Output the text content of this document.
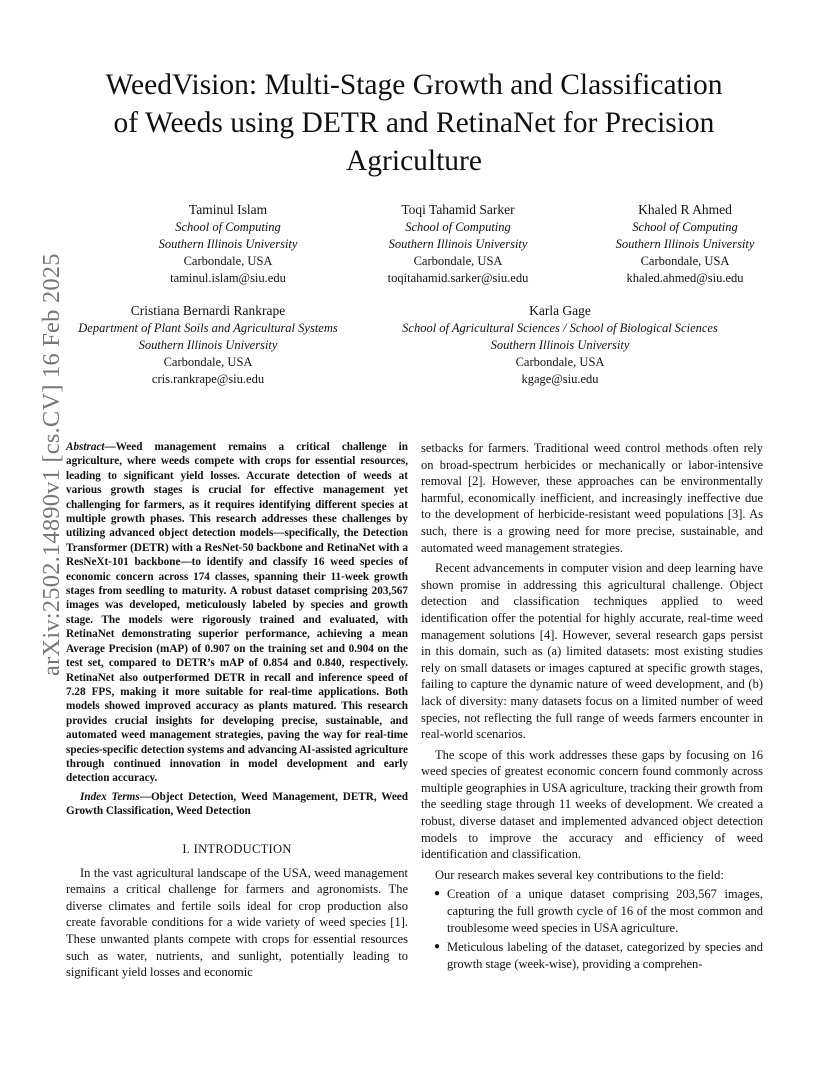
WeedVision: Multi-Stage Growth and Classification
of Weeds using DETR and RetinaNet for Precision
Agriculture
Taminul Islam
School of Computing
Southern Illinois University
Carbondale, USA
taminul.islam@siu.edu
Toqi Tahamid Sarker
School of Computing
Southern Illinois University
Carbondale, USA
toqitahamid.sarker@siu.edu
Khaled R Ahmed
School of Computing
Southern Illinois University
Carbondale, USA
khaled.ahmed@siu.edu
Cristiana Bernardi Rankrape
Department of Plant Soils and Agricultural Systems
Southern Illinois University
Carbondale, USA
cris.rankrape@siu.edu
Karla Gage
School of Agricultural Sciences / School of Biological Sciences
Southern Illinois University
Carbondale, USA
kgage@siu.edu
arXiv:2502.14890v1 [cs.CV] 16 Feb 2025 Abstract—Weed management remains a critical challenge in agriculture, where weeds compete with crops for essential resources, leading to significant yield losses. Accurate detection of weeds at various growth stages is crucial for effective management yet challenging for farmers, as it requires identifying different species at multiple growth phases. This research addresses these challenges by utilizing advanced object detection models—specifically, the Detection Transformer (DETR) with a ResNet-50 backbone and RetinaNet with a ResNeXt-101 backbone—to identify and classify 16 weed species of economic concern across 174 classes, spanning their 11-week growth stages from seedling to maturity. A robust dataset comprising 203,567 images was developed, meticulously labeled by species and growth stage. The models were rigorously trained and evaluated, with RetinaNet demonstrating superior performance, achieving a mean Average Precision (mAP) of 0.907 on the training set and 0.904 on the test set, compared to DETR’s mAP of 0.854 and 0.840, respectively. RetinaNet also outperformed DETR in recall and inference speed of 7.28 FPS, making it more suitable for real-time applications. Both models showed improved accuracy as plants matured. This research provides crucial insights for developing precise, sustainable, and automated weed management strategies, paving the way for real-time species-specific detection systems and advancing AI-assisted agriculture through continued innovation in model development and early detection accuracy.

Index Terms—Object Detection, Weed Management, DETR, Weed Growth Classification, Weed Detection

I. INTRODUCTION

In the vast agricultural landscape of the USA, weed management remains a critical challenge for farmers and agronomists. The diverse climates and fertile soils ideal for crop production also create favorable conditions for a wide variety of weed species [1]. These unwanted plants compete with crops for essential resources such as water, nutrients, and sunlight, potentially leading to significant yield losses and economic

setbacks for farmers. Traditional weed control methods often rely on broad-spectrum herbicides or mechanically or labor-intensive removal [2]. However, these approaches can be environmentally harmful, economically inefficient, and increasingly ineffective due to the development of herbicide-resistant weed populations [3]. As such, there is a growing need for more precise, sustainable, and automated weed management strategies.

Recent advancements in computer vision and deep learning have shown promise in addressing this agricultural challenge. Object detection and classification techniques applied to weed identification offer the potential for highly accurate, real-time weed management solutions [4]. However, several research gaps persist in this domain, such as (a) limited datasets: most existing studies rely on small datasets or images captured at specific growth stages, failing to capture the dynamic nature of weed development, and (b) lack of diversity: many datasets focus on a limited number of weed species, not reflecting the full range of weeds farmers encounter in real-world scenarios.

The scope of this work addresses these gaps by focusing on 16 weed species of greatest economic concern found commonly across multiple geographies in USA agriculture, tracking their growth from the seedling stage through 11 weeks of development. We created a robust, diverse dataset and implemented advanced object detection models to improve the accuracy and efficiency of weed identification and classification.

Our research makes several key contributions to the field:

● Creation of a unique dataset comprising 203,567 images, capturing the full growth cycle of 16 of the most common and troublesome weed species in USA agriculture.
● Meticulous labeling of the dataset, categorized by species and growth stage (week-wise), providing a comprehen-
